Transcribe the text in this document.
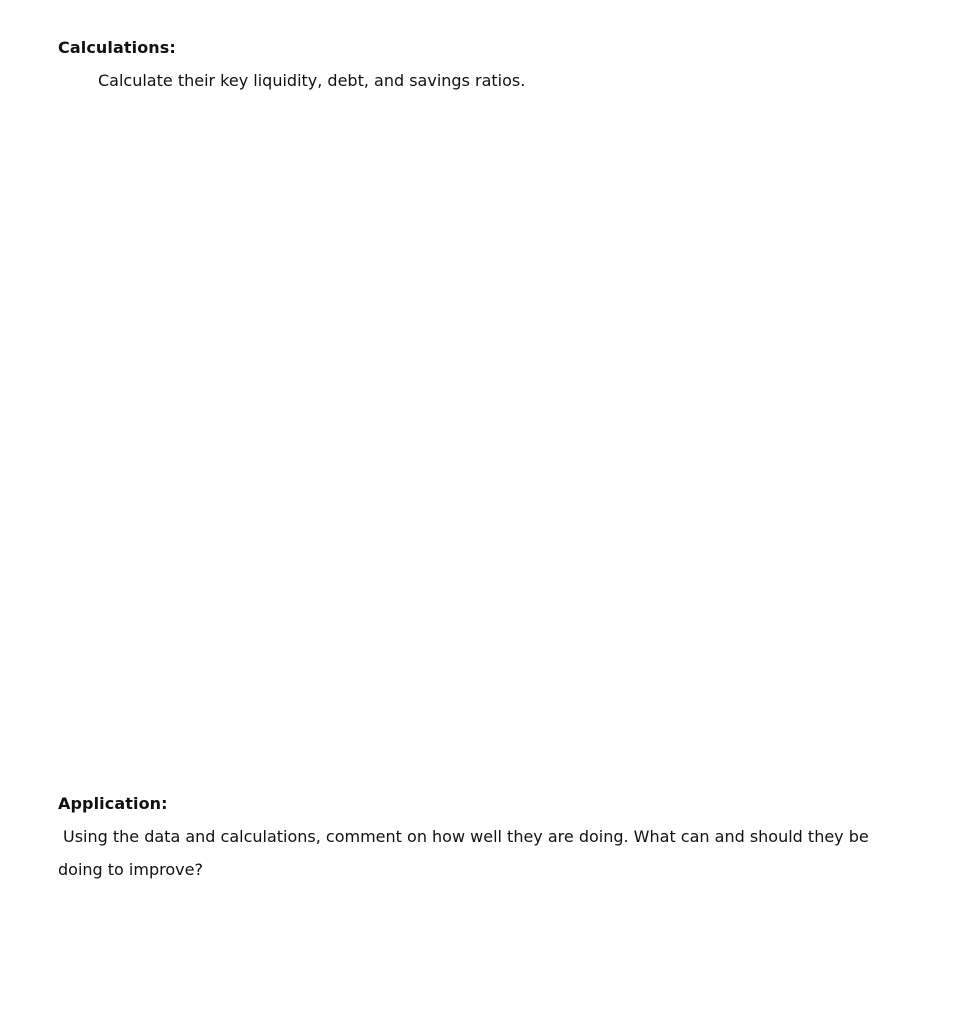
Calculations:
Calculate their key liquidity, debt, and savings ratios.
Application:
Using the data and calculations, comment on how well they are doing. What can and should they be
doing to improve?
